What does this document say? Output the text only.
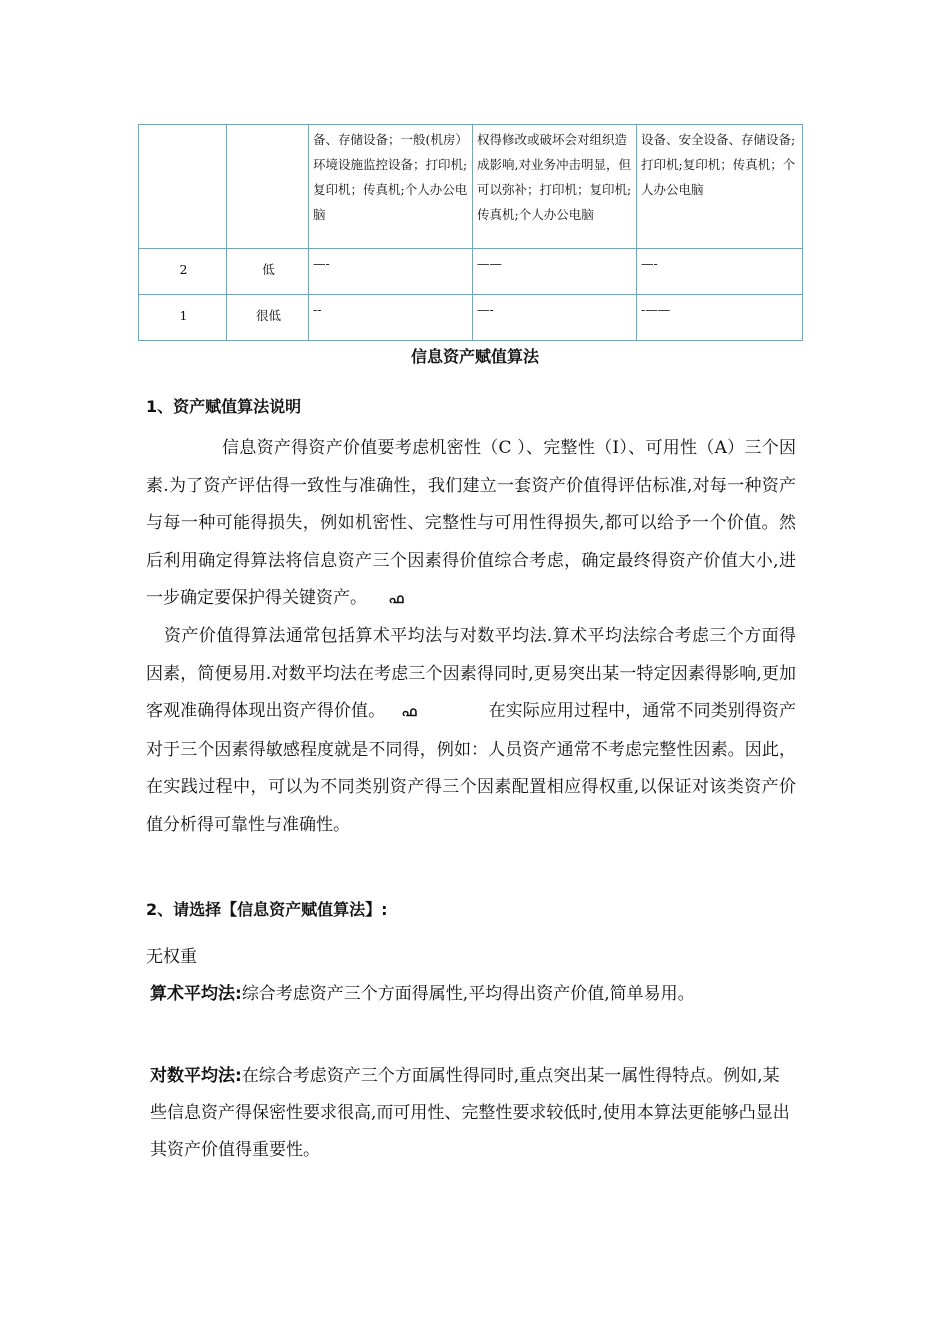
		备、存储设备；一般(机房）环境设施监控设备；打印机;复印机；传真机;个人办公电脑	权得修改或破坏会对组织造成影响,对业务冲击明显，但可以弥补；打印机；复印机;传真机;个人办公电脑	设备、安全设备、存储设备;打印机;复印机；传真机；个人办公电脑
2	低	—-	——	—-
1	很低	--	—-	-——
信息资产赋值算法
1、资产赋值算法说明
信息资产得资产价值要考虑机密性（C ）、完整性（I）、可用性（A）三个因素.为了资产评估得一致性与准确性，我们建立一套资产价值得评估标准,对每一种资产与每一种可能得损失，例如机密性、完整性与可用性得损失,都可以给予一个价值。然后利用确定得算法将信息资产三个因素得价值综合考虑，确定最终得资产价值大小,进一步确定要保护得关键资产。 ഫ
资产价值得算法通常包括算术平均法与对数平均法.算术平均法综合考虑三个方面得因素，简便易用.对数平均法在考虑三个因素得同时,更易突出某一特定因素得影响,更加客观准确得体现出资产得价值。 ഫ	在实际应用过程中，通常不同类别得资产对于三个因素得敏感程度就是不同得，例如：人员资产通常不考虑完整性因素。因此，在实践过程中，可以为不同类别资产得三个因素配置相应得权重,以保证对该类资产价值分析得可靠性与准确性。
2、请选择【信息资产赋值算法】:
无权重
算术平均法:综合考虑资产三个方面得属性,平均得出资产价值,简单易用。
对数平均法:在综合考虑资产三个方面属性得同时,重点突出某一属性得特点。例如,某些信息资产得保密性要求很高,而可用性、完整性要求较低时,使用本算法更能够凸显出其资产价值得重要性。
